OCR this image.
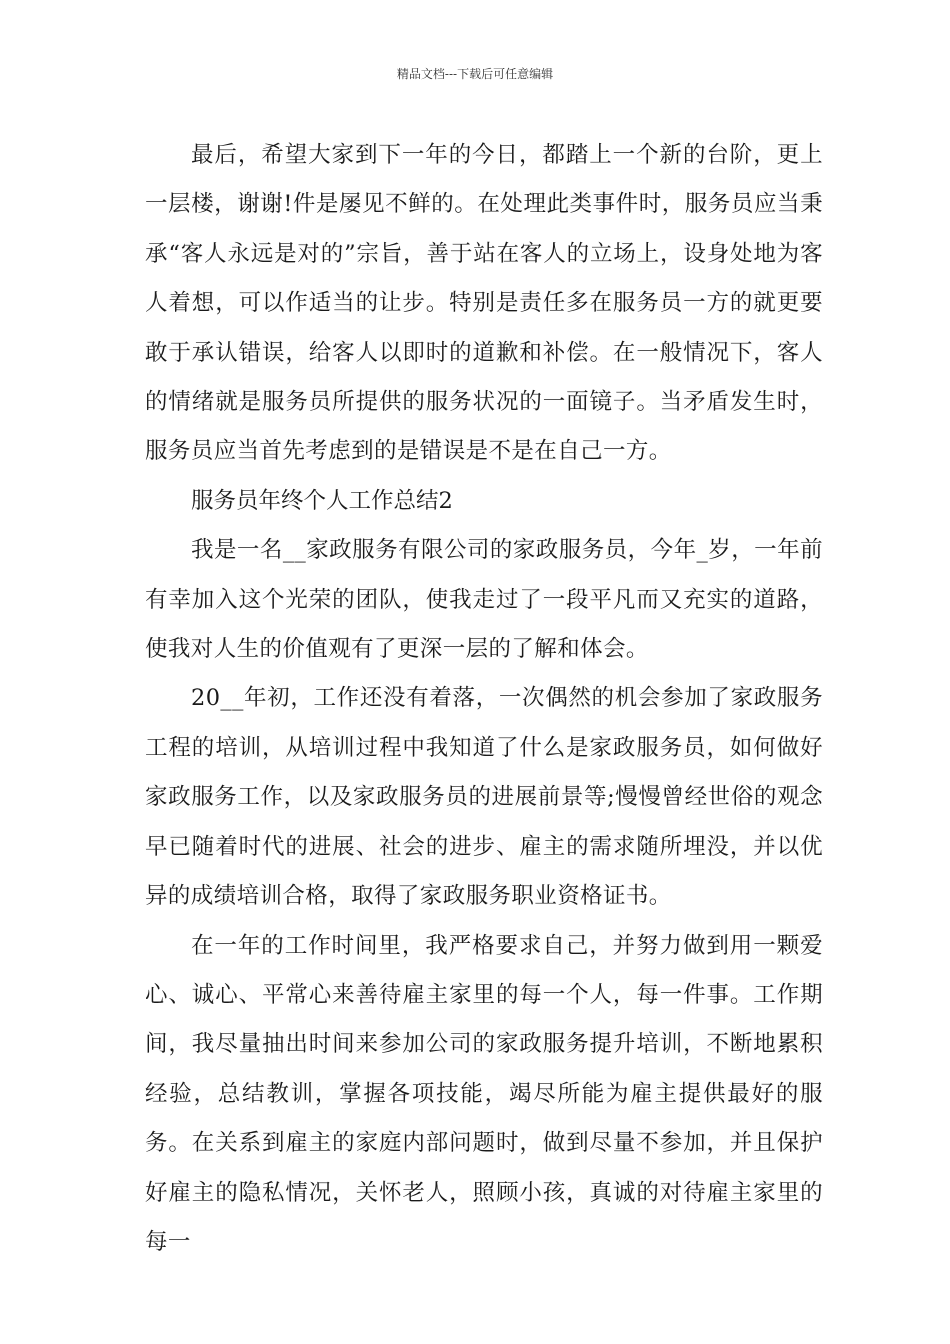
精品文档---下载后可任意编辑

最后，希望大家到下一年的今日，都踏上一个新的台阶，更上一层楼，谢谢!件是屡见不鲜的。在处理此类事件时，服务员应当秉承“客人永远是对的”宗旨，善于站在客人的立场上，设身处地为客人着想，可以作适当的让步。特别是责任多在服务员一方的就更要敢于承认错误，给客人以即时的道歉和补偿。在一般情况下，客人的情绪就是服务员所提供的服务状况的一面镜子。当矛盾发生时，服务员应当首先考虑到的是错误是不是在自己一方。

服务员年终个人工作总结2

我是一名__家政服务有限公司的家政服务员，今年_岁，一年前有幸加入这个光荣的团队，使我走过了一段平凡而又充实的道路，使我对人生的价值观有了更深一层的了解和体会。

20__年初，工作还没有着落，一次偶然的机会参加了家政服务工程的培训，从培训过程中我知道了什么是家政服务员，如何做好家政服务工作，以及家政服务员的进展前景等;慢慢曾经世俗的观念早已随着时代的进展、社会的进步、雇主的需求随所埋没，并以优异的成绩培训合格，取得了家政服务职业资格证书。

在一年的工作时间里，我严格要求自己，并努力做到用一颗爱心、诚心、平常心来善待雇主家里的每一个人，每一件事。工作期间，我尽量抽出时间来参加公司的家政服务提升培训，不断地累积经验，总结教训，掌握各项技能，竭尽所能为雇主提供最好的服务。在关系到雇主的家庭内部问题时，做到尽量不参加，并且保护好雇主的隐私情况，关怀老人，照顾小孩，真诚的对待雇主家里的每一
